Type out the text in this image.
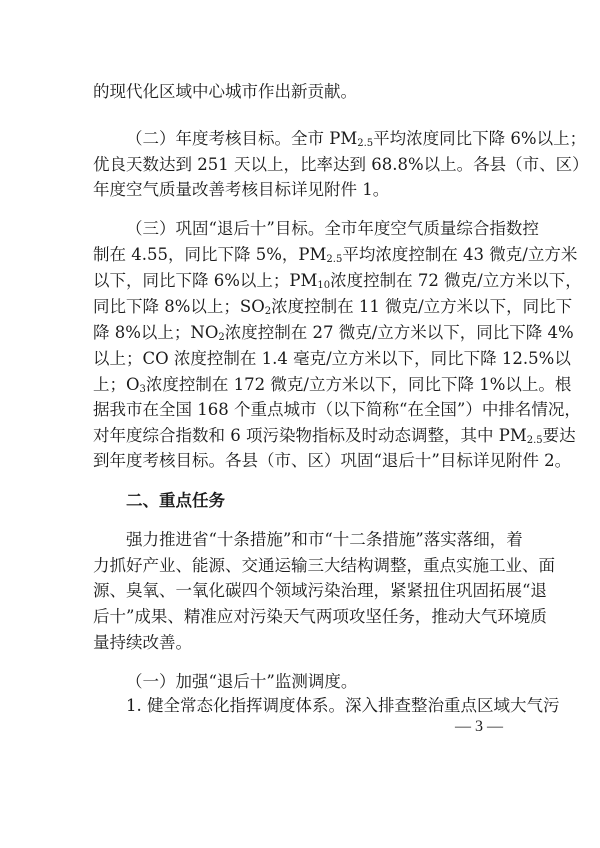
的现代化区域中心城市作出新贡献。
（二）年度考核目标。全市 $PM_{2.5}$平均浓度同比下降 6%以上；
优良天数达到 251 天以上，比率达到 68.8%以上。各县（市、区）
年度空气质量改善考核目标详见附件 1。
（三）巩固“退后十”目标。全市年度空气质量综合指数控
制在 4.55，同比下降 5%，$PM_{2.5}$平均浓度控制在 43 微克/立方米
以下，同比下降 6%以上；$PM_{10}$浓度控制在 72 微克/立方米以下，
同比下降 8%以上；$SO_2$浓度控制在 11 微克/立方米以下，同比下
降 8%以上；$NO_2$浓度控制在 27 微克/立方米以下，同比下降 4%
以上；CO 浓度控制在 1.4 毫克/立方米以下，同比下降 12.5%以
上；$O_3$浓度控制在 172 微克/立方米以下，同比下降 1%以上。根
据我市在全国 168 个重点城市（以下简称“在全国”）中排名情况，
对年度综合指数和 6 项污染物指标及时动态调整，其中 $PM_{2.5}$要达
到年度考核目标。各县（市、区）巩固“退后十”目标详见附件 2。
二、重点任务
强力推进省“十条措施”和市“十二条措施”落实落细，着
力抓好产业、能源、交通运输三大结构调整，重点实施工业、面
源、臭氧、一氧化碳四个领域污染治理，紧紧扭住巩固拓展“退
后十”成果、精准应对污染天气两项攻坚任务，推动大气环境质
量持续改善。
（一）加强“退后十”监测调度。
1. 健全常态化指挥调度体系。深入排查整治重点区域大气污
— 3 —
